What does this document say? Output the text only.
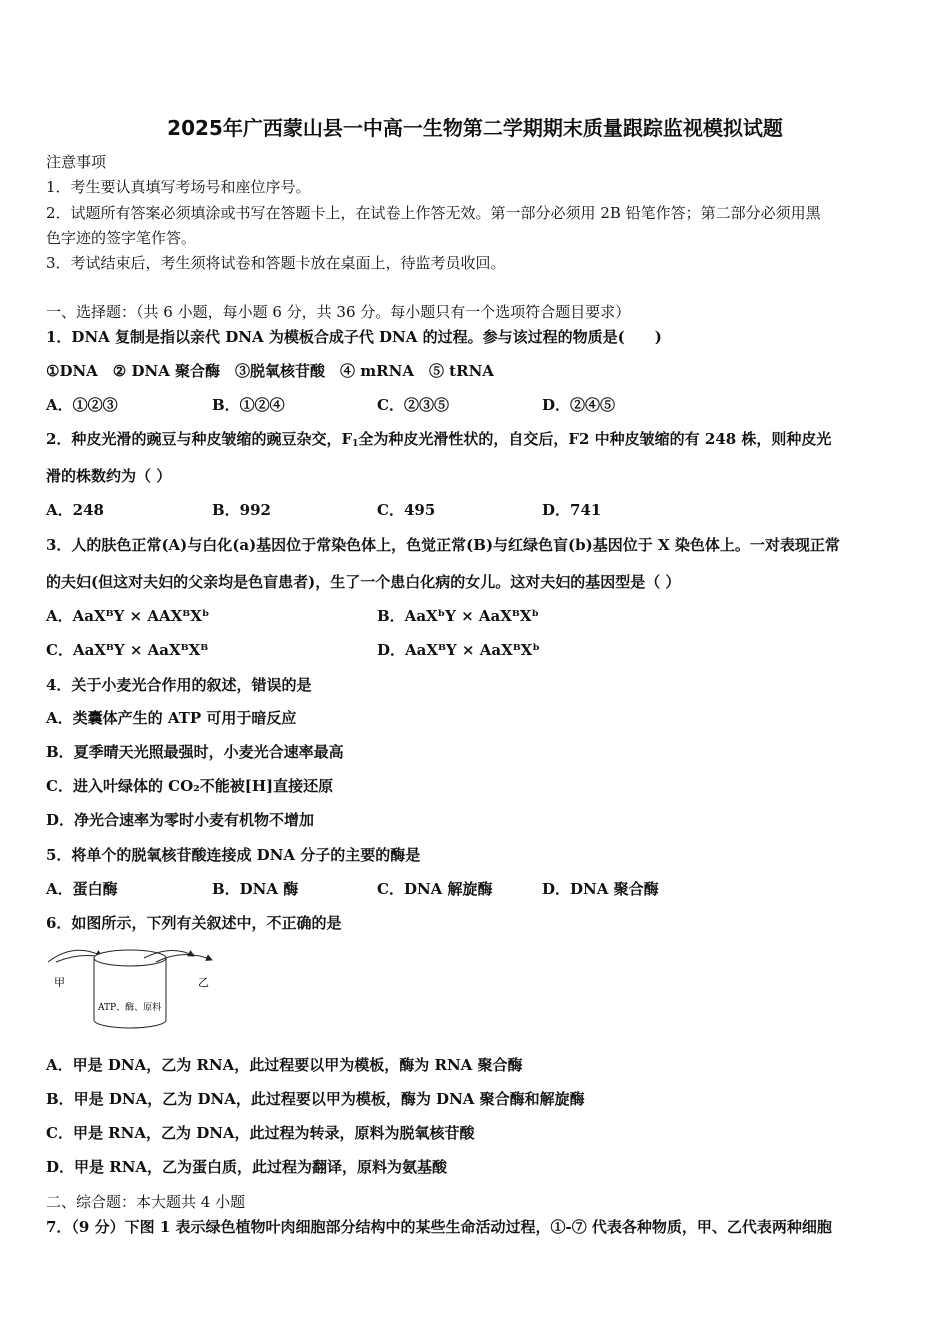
2025年广西蒙山县一中高一生物第二学期期末质量跟踪监视模拟试题
注意事项
1．考生要认真填写考场号和座位序号。
2．试题所有答案必须填涂或书写在答题卡上，在试卷上作答无效。第一部分必须用 2B 铅笔作答；第二部分必须用黑
色字迹的签字笔作答。
3．考试结束后，考生须将试卷和答题卡放在桌面上，待监考员收回。
一、选择题：（共 6 小题，每小题 6 分，共 36 分。每小题只有一个选项符合题目要求）
1．DNA 复制是指以亲代 DNA 为模板合成子代 DNA 的过程。参与该过程的物质是(　　)
①DNA　② DNA 聚合酶　③脱氧核苷酸　④ mRNA　⑤ tRNA
A．①②③	B．①②④	C．②③⑤	D．②④⑤
2．种皮光滑的豌豆与种皮皱缩的豌豆杂交，$F_1$全为种皮光滑性状的，自交后，F2 中种皮皱缩的有 248 株，则种皮光
滑的株数约为（ ）
A．248	B．992	C．495	D．741
3．人的肤色正常(A)与白化(a)基因位于常染色体上，色觉正常(B)与红绿色盲(b)基因位于 X 染色体上。一对表现正常
的夫妇(但这对夫妇的父亲均是色盲患者)，生了一个患白化病的女儿。这对夫妇的基因型是（ ）
A．AaXᴮY × AAXᴮXᵇ	B．AaXᵇY × AaXᴮXᵇ
C．AaXᴮY × AaXᴮXᴮ	D．AaXᴮY × AaXᴮXᵇ
4．关于小麦光合作用的叙述，错误的是
A．类囊体产生的 ATP 可用于暗反应
B．夏季晴天光照最强时，小麦光合速率最高
C．进入叶绿体的 CO₂不能被[H]直接还原
D．净光合速率为零时小麦有机物不增加
5．将单个的脱氧核苷酸连接成 DNA 分子的主要的酶是
A．蛋白酶	B．DNA 酶	C．DNA 解旋酶	D．DNA 聚合酶
6．如图所示，下列有关叙述中，不正确的是
甲	乙
ATP、酶、原料
A．甲是 DNA，乙为 RNA，此过程要以甲为模板，酶为 RNA 聚合酶
B．甲是 DNA，乙为 DNA，此过程要以甲为模板，酶为 DNA 聚合酶和解旋酶
C．甲是 RNA，乙为 DNA，此过程为转录，原料为脱氧核苷酸
D．甲是 RNA，乙为蛋白质，此过程为翻译，原料为氨基酸
二、综合题：本大题共 4 小题
7．（9 分）下图 1 表示绿色植物叶肉细胞部分结构中的某些生命活动过程，①-⑦ 代表各种物质，甲、乙代表两种细胞
